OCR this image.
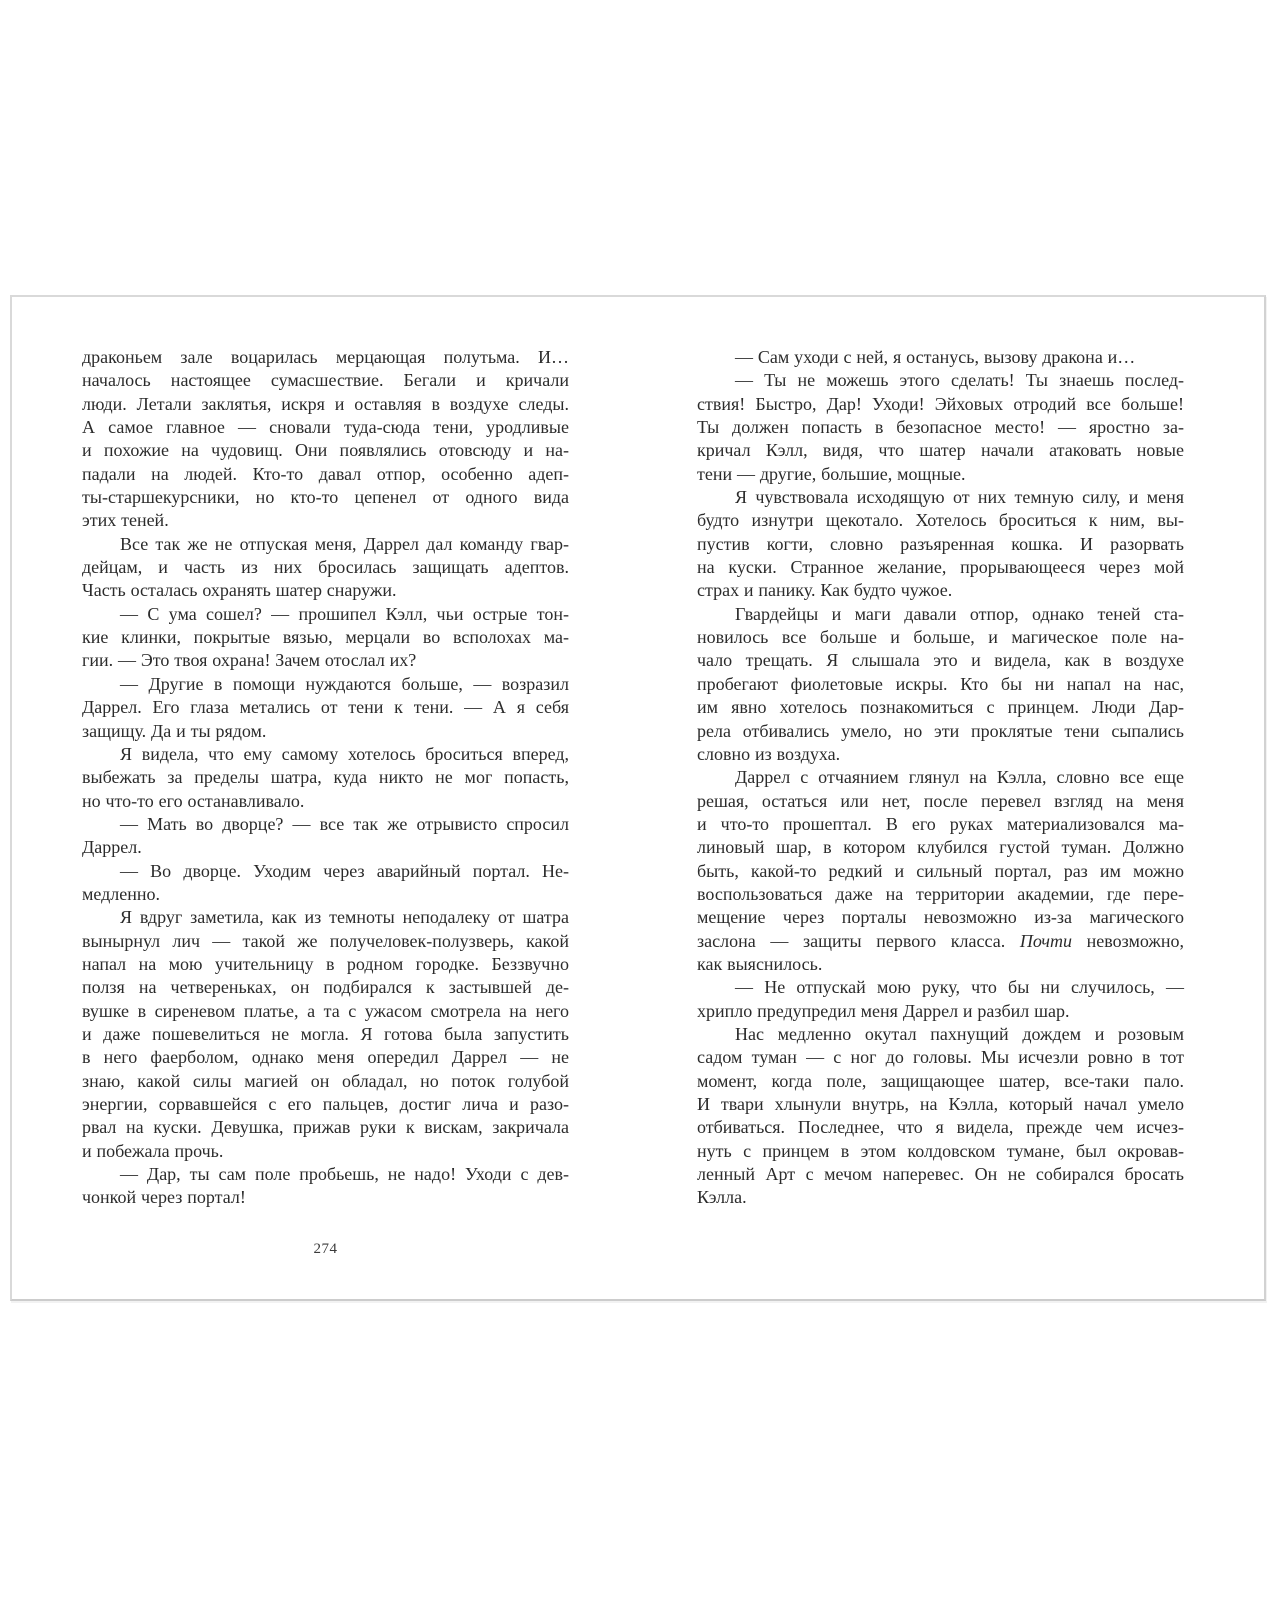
драконьем зале воцарилась мерцающая полутьма. И…
началось настоящее сумасшествие. Бегали и кричали
люди. Летали заклятья, искря и оставляя в воздухе следы.
А самое главное — сновали туда-сюда тени, уродливые
и похожие на чудовищ. Они появлялись отовсюду и на-
падали на людей. Кто-то давал отпор, особенно адеп-
ты-старшекурсники, но кто-то цепенел от одного вида
этих теней.
Все так же не отпуская меня, Даррел дал команду гвар-
дейцам, и часть из них бросилась защищать адептов.
Часть осталась охранять шатер снаружи.
— С ума сошел? — прошипел Кэлл, чьи острые тон-
кие клинки, покрытые вязью, мерцали во всполохах ма-
гии. — Это твоя охрана! Зачем отослал их?
— Другие в помощи нуждаются больше, — возразил
Даррел. Его глаза метались от тени к тени. — А я себя
защищу. Да и ты рядом.
Я видела, что ему самому хотелось броситься вперед,
выбежать за пределы шатра, куда никто не мог попасть,
но что-то его останавливало.
— Мать во дворце? — все так же отрывисто спросил
Даррел.
— Во дворце. Уходим через аварийный портал. Не-
медленно.
Я вдруг заметила, как из темноты неподалеку от шатра
вынырнул лич — такой же получеловек-полузверь, какой
напал на мою учительницу в родном городке. Беззвучно
ползя на четвереньках, он подбирался к застывшей де-
вушке в сиреневом платье, а та с ужасом смотрела на него
и даже пошевелиться не могла. Я готова была запустить
в него фаерболом, однако меня опередил Даррел — не
знаю, какой силы магией он обладал, но поток голубой
энергии, сорвавшейся с его пальцев, достиг лича и разо-
рвал на куски. Девушка, прижав руки к вискам, закричала
и побежала прочь.
— Дар, ты сам поле пробьешь, не надо! Уходи с дев-
чонкой через портал!
— Сам уходи с ней, я останусь, вызову дракона и…
— Ты не можешь этого сделать! Ты знаешь послед-
ствия! Быстро, Дар! Уходи! Эйховых отродий все больше!
Ты должен попасть в безопасное место! — яростно за-
кричал Кэлл, видя, что шатер начали атаковать новые
тени — другие, большие, мощные.
Я чувствовала исходящую от них темную силу, и меня
будто изнутри щекотало. Хотелось броситься к ним, вы-
пустив когти, словно разъяренная кошка. И разорвать
на куски. Странное желание, прорывающееся через мой
страх и панику. Как будто чужое.
Гвардейцы и маги давали отпор, однако теней ста-
новилось все больше и больше, и магическое поле на-
чало трещать. Я слышала это и видела, как в воздухе
пробегают фиолетовые искры. Кто бы ни напал на нас,
им явно хотелось познакомиться с принцем. Люди Дар-
рела отбивались умело, но эти проклятые тени сыпались
словно из воздуха.
Даррел с отчаянием глянул на Кэлла, словно все еще
решая, остаться или нет, после перевел взгляд на меня
и что-то прошептал. В его руках материализовался ма-
линовый шар, в котором клубился густой туман. Должно
быть, какой-то редкий и сильный портал, раз им можно
воспользоваться даже на территории академии, где пере-
мещение через порталы невозможно из-за магического
заслона — защиты первого класса. Почти невозможно,
как выяснилось.
— Не отпускай мою руку, что бы ни случилось, —
хрипло предупредил меня Даррел и разбил шар.
Нас медленно окутал пахнущий дождем и розовым
садом туман — с ног до головы. Мы исчезли ровно в тот
момент, когда поле, защищающее шатер, все-таки пало.
И твари хлынули внутрь, на Кэлла, который начал умело
отбиваться. Последнее, что я видела, прежде чем исчез-
нуть с принцем в этом колдовском тумане, был окровав-
ленный Арт с мечом наперевес. Он не собирался бросать
Кэлла.
274
